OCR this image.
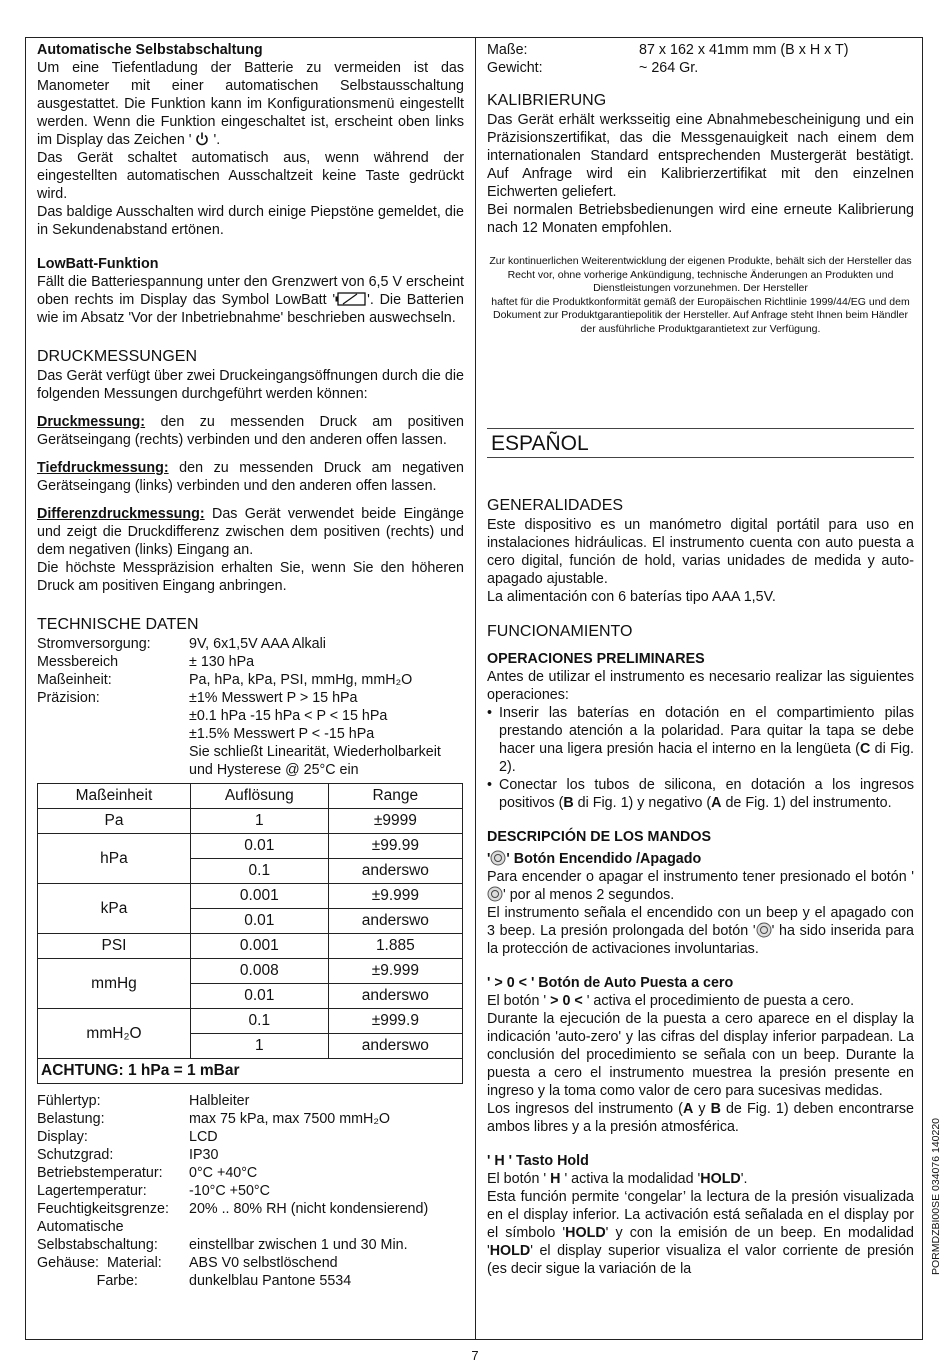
Automatische Selbstabschaltung

Um eine Tiefentladung der Batterie zu vermeiden ist das Manometer mit einer automatischen Selbstausschaltung ausgestattet. Die Funktion kann im Konfigurationsmenü eingestellt werden. Wenn die Funktion eingeschaltet ist, erscheint oben links im Display das Zeichen ' '.

Das Gerät schaltet automatisch aus, wenn während der eingestellten automatischen Ausschaltzeit keine Taste gedrückt wird.

Das baldige Ausschalten wird durch einige Piepstöne gemeldet, die in Sekundenabstand ertönen.

LowBatt-Funktion

Fällt die Batteriespannung unter den Grenzwert von 6,5 V erscheint oben rechts im Display das Symbol LowBatt ' '. Die Batterien wie im Absatz 'Vor der Inbetriebnahme' beschrieben auswechseln.

DRUCKMESSUNGEN

Das Gerät verfügt über zwei Druckeingangsöffnungen durch die die folgenden Messungen durchgeführt werden können:

Druckmessung: den zu messenden Druck am positiven Gerätseingang (rechts) verbinden und den anderen offen lassen.

Tiefdruckmessung: den zu messenden Druck am negativen Gerätseingang (links) verbinden und den anderen offen lassen.

Differenzdruckmessung: Das Gerät verwendet beide Eingänge und zeigt die Druckdifferenz zwischen dem positiven (rechts) und dem negativen (links) Eingang an.

Die höchste Messpräzision erhalten Sie, wenn Sie den höheren Druck am positiven Eingang anbringen.

TECHNISCHE DATEN
Stromversorgung:	9V, 6x1,5V AAA Alkali
Messbereich	± 130 hPa
Maßeinheit:	Pa, hPa, kPa, PSI, mmHg, mmH₂O
Präzision:	±1% Messwert P > 15 hPa
±0.1 hPa -15 hPa < P < 15 hPa
±1.5% Messwert P < -15 hPa
Sie schließt Linearität, Wiederholbarkeit
und Hysterese @ 25°C ein
Maßeinheit	Auflösung	Range
Pa	1	±9999
hPa	0.01	±99.99
	0.1	anderswo
kPa	0.001	±9.999
	0.01	anderswo
PSI	0.001	1.885
mmHg	0.008	±9.999
	0.01	anderswo
mmH₂O	0.1	±999.9
	1	anderswo
ACHTUNG: 1 hPa = 1 mBar		
Fühlertyp:	Halbleiter
Belastung:	max 75 kPa, max 7500 mmH₂O
Display:	LCD
Schutzgrad:	IP30
Betriebstemperatur:	0°C +40°C
Lagertemperatur:	-10°C +50°C
Feuchtigkeitsgrenze:	20% .. 80% RH (nicht kondensierend)
Automatische
Selbstabschaltung:	einstellbar zwischen 1 und 30 Min.
Gehäuse:  Material:	ABS V0 selbstlöschend
Farbe:	dunkelblau Pantone 5534
Maße:	87 x 162 x 41mm mm (B x H x T)
Gewicht:	~ 264 Gr.
KALIBRIERUNG

Das Gerät erhält werksseitig eine Abnahmebescheinigung und ein Präzisionszertifikat, das die Messgenauigkeit nach einem dem internationalen Standard entsprechenden Mustergerät bestätigt. Auf Anfrage wird ein Kalibrierzertifikat mit den einzelnen Eichwerten geliefert.

Bei normalen Betriebsbedienungen wird eine erneute Kalibrierung nach 12 Monaten empfohlen.

Zur kontinuerlichen Weiterentwicklung der eigenen Produkte, behält sich der Hersteller das Recht vor, ohne vorherige Ankündigung, technische Änderungen an Produkten und Dienstleistungen vorzunehmen. Der Hersteller
haftet für die Produktkonformität gemäß der Europäischen Richtlinie 1999/44/EG und dem Dokument zur Produktgarantiepolitik der Hersteller. Auf Anfrage steht Ihnen beim Händler der ausführliche Produktgarantietext zur Verfügung.
ESPAÑOL
GENERALIDADES

Este dispositivo es un manómetro digital portátil para uso en instalaciones hidráulicas. El instrumento cuenta con auto puesta a cero digital, función de hold, varias unidades de medida y auto- apagado ajustable.

La alimentación con 6 baterías tipo AAA 1,5V.

FUNCIONAMIENTO

OPERACIONES PRELIMINARES

Antes de utilizar el instrumento es necesario realizar las siguientes operaciones:

• Inserir las baterías en dotación en el compartimiento pilas prestando atención a la polaridad. Para quitar la tapa se debe hacer una ligera presión hacia el interno en la lengüeta (C di Fig. 2).

• Conectar los tubos de silicona, en dotación a los ingresos positivos (B di Fig. 1) y negativo (A de Fig. 1) del instrumento.

DESCRIPCIÓN DE LOS MANDOS

' ' Botón Encendido /Apagado

Para encender o apagar el instrumento tener presionado el botón '' por al menos 2 segundos.

El instrumento señala el encendido con un beep y el apagado con 3 beep. La presión prolongada del botón ' ' ha sido inserida para la protección de activaciones involuntarias.

' > 0 < ' Botón de Auto Puesta a cero

El botón ' > 0 < ' activa el procedimiento de puesta a cero.

Durante la ejecución de la puesta a cero aparece en el display la indicación 'auto-zero' y las cifras del display inferior parpadean. La conclusión del procedimiento se señala con un beep. Durante la puesta a cero el instrumento muestrea la presión presente en ingreso y la toma como valor de cero para sucesivas medidas.

Los ingresos del instrumento (A y B de Fig. 1) deben encontrarse ambos libres y a la presión atmosférica.

' H ' Tasto Hold

El botón ' H ' activa la modalidad 'HOLD'.

Esta función permite ‘congelar’ la lectura de la presión visualizada en el display inferior. La activación está señalada en el display por el símbolo 'HOLD' y con la emisión de un beep. En modalidad 'HOLD' el display superior visualiza el valor corriente de presión (es decir sigue la variación de la	PORMDZBI00SE 034076 140220
7
